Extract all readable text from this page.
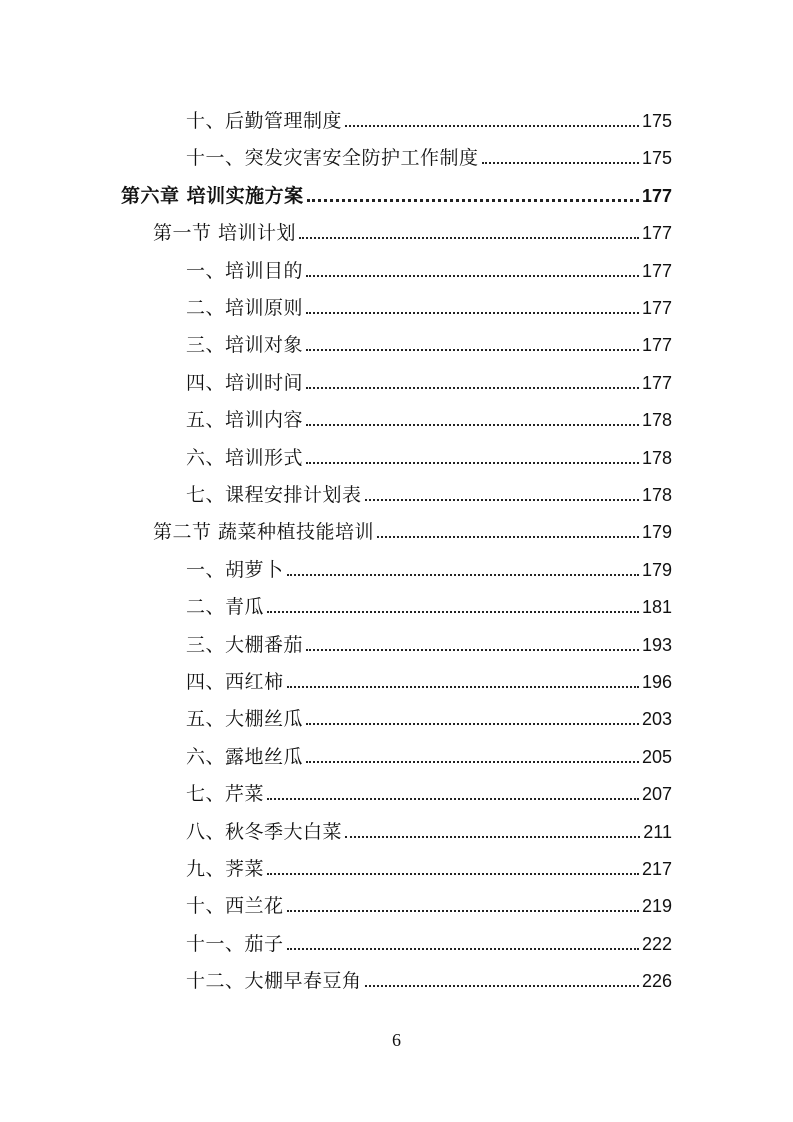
十、后勤管理制度	175
十一、突发灾害安全防护工作制度	175
第六章 培训实施方案	177
第一节 培训计划	177
一、培训目的	177
二、培训原则	177
三、培训对象	177
四、培训时间	177
五、培训内容	178
六、培训形式	178
七、课程安排计划表	178
第二节 蔬菜种植技能培训	179
一、胡萝卜	179
二、青瓜	181
三、大棚番茄	193
四、西红柿	196
五、大棚丝瓜	203
六、露地丝瓜	205
七、芹菜	207
八、秋冬季大白菜	211
九、荠菜	217
十、西兰花	219
十一、茄子	222
十二、大棚早春豆角	226
6
